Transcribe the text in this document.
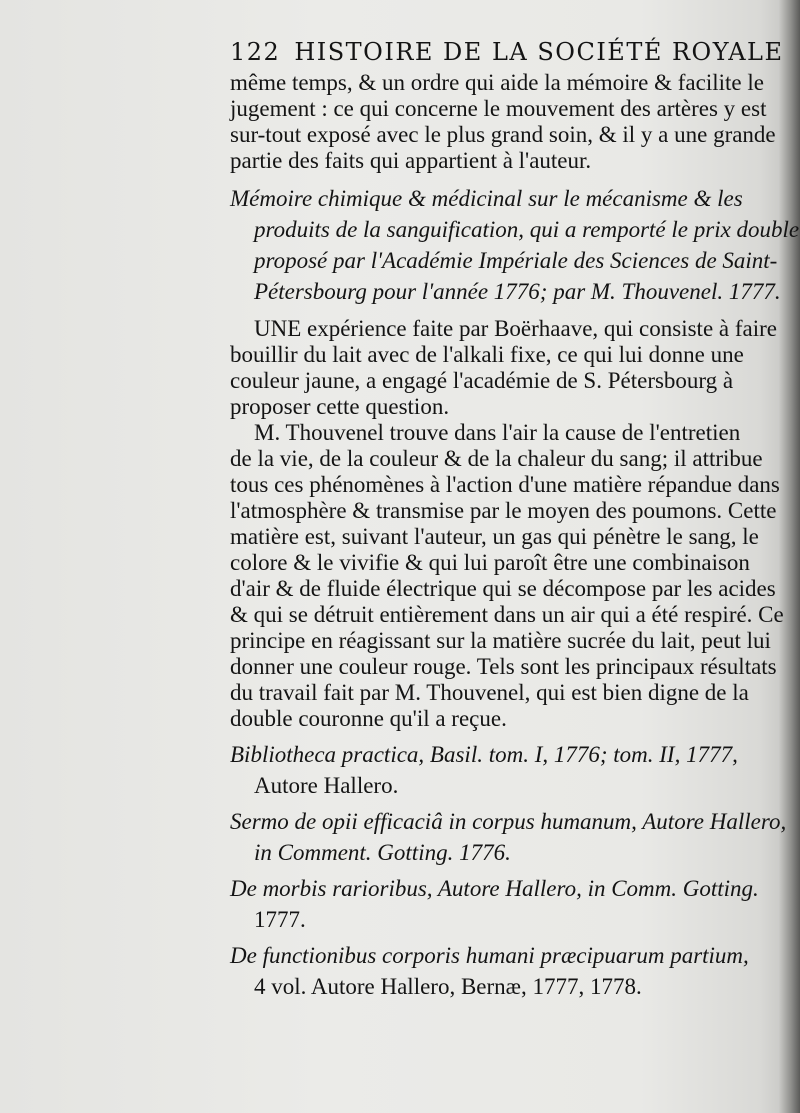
122 HISTOIRE DE LA SOCIÉTÉ ROYALE
même temps, & un ordre qui aide la mémoire & facilite le
jugement : ce qui concerne le mouvement des artères y est
sur-tout exposé avec le plus grand soin, & il y a une grande
partie des faits qui appartient à l'auteur.
Mémoire chimique & médicinal sur le mécanisme & les
produits de la sanguification, qui a remporté le prix double
proposé par l'Académie Impériale des Sciences de Saint-
Pétersbourg pour l'année 1776; par M. Thouvenel. 1777.
UNE expérience faite par Boërhaave, qui consiste à faire
bouillir du lait avec de l'alkali fixe, ce qui lui donne une
couleur jaune, a engagé l'académie de S. Pétersbourg à
proposer cette question.
M. Thouvenel trouve dans l'air la cause de l'entretien
de la vie, de la couleur & de la chaleur du sang; il attribue
tous ces phénomènes à l'action d'une matière répandue dans
l'atmosphère & transmise par le moyen des poumons. Cette
matière est, suivant l'auteur, un gas qui pénètre le sang, le
colore & le vivifie & qui lui paroît être une combinaison
d'air & de fluide électrique qui se décompose par les acides
& qui se détruit entièrement dans un air qui a été respiré. Ce
principe en réagissant sur la matière sucrée du lait, peut lui
donner une couleur rouge. Tels sont les principaux résultats
du travail fait par M. Thouvenel, qui est bien digne de la
double couronne qu'il a reçue.
Bibliotheca practica, Basil. tom. I, 1776; tom. II, 1777,
Autore Hallero.
Sermo de opii efficaciâ in corpus humanum, Autore Hallero,
in Comment. Gotting. 1776.
De morbis rarioribus, Autore Hallero, in Comm. Gotting.
1777.
De functionibus corporis humani præcipuarum partium,
4 vol. Autore Hallero, Bernæ, 1777, 1778.
